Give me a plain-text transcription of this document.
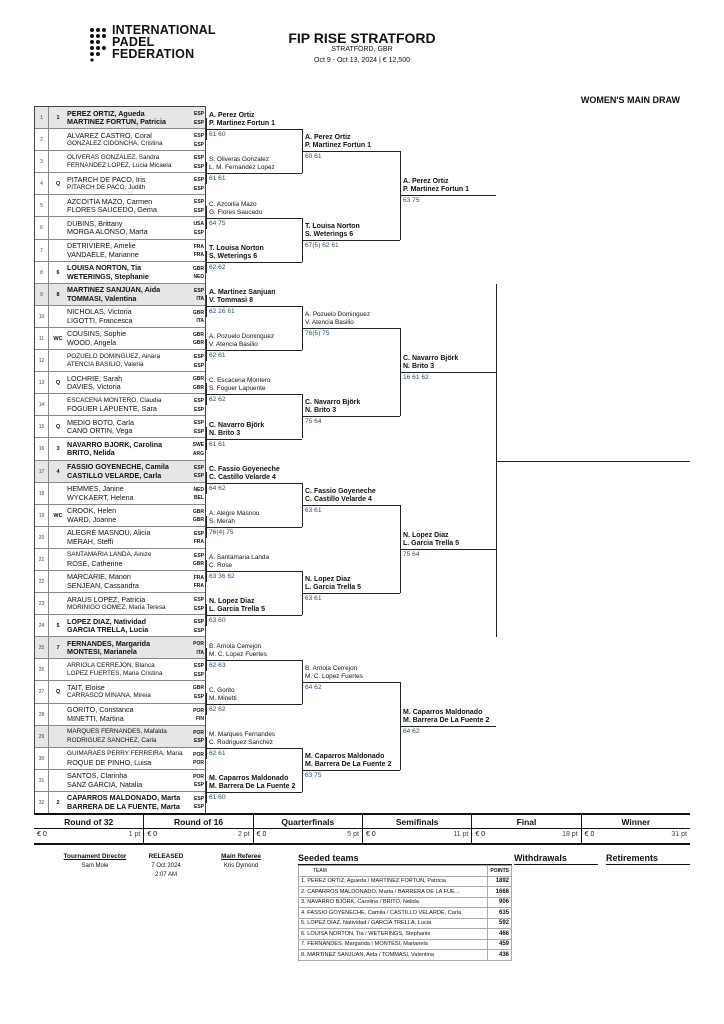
INTERNATIONAL
PADEL
FEDERATION
FIP RISE STRATFORD
STRATFORD, GBR
Oct 9 - Oct 13, 2024 | € 12,500
WOMEN'S MAIN DRAW
1	1
PEREZ ORTIZ, Agueda
MARTINEZ FORTUN, Patricia
ESP
ESP
2
ALVAREZ CASTRO, Coral
GONZALEZ CIDONCHA, Cristina
ESP
ESP
3
OLIVERAS GONZALEZ, Sandra
FERNANDEZ LOPEZ, Lucia Micaela
ESP
ESP
4	Q
PITARCH DE PACO, Iris
PITARCH DE PACO, Judith
ESP
ESP
5
AZCOITIA MAZO, Carmen
FLORES SAUCEDO, Gema
ESP
ESP
6
DUBINS, Brittany
MORGA ALONSO, Marta
USA
ESP
7
DETRIVIERE, Amelie
VANDAELE, Marianne
FRA
FRA
8	6
LOUISA NORTON, Tia
WETERINGS, Stephanie
GBR
NED
9	8
MARTINEZ SANJUAN, Aida
TOMMASI, Valentina
ESP
ITA
10
NICHOLAS, Victoria
LIGOTTI, Francesca
GBR
ITA
11	WC
COUSINS, Sophie
WOOD, Angela
GBR
GBR
12
POZUELO DOMINGUEZ, Ainara
ATENCIA BASILIO, Valeria
ESP
ESP
13	Q
LOCHRIE, Sarah
DAVIES, Victoria
GBR
GBR
14
ESCACENA MONTERO, Claudia
FOGUER LAPUENTE, Sara
ESP
ESP
15	Q
MEDIO BOTO, Carla
CANO ORTIN, Vega
ESP
ESP
16	3
NAVARRO BJÖRK, Carolina
BRITO, Nelida
SWE
ARG
17	4
FASSIO GOYENECHE, Camila
CASTILLO VELARDE, Carla
ESP
ESP
18
HEMMES, Janine
WYCKAERT, Helena
NED
BEL
19	WC
CROOK, Helen
WARD, Joanne
GBR
GBR
20
ALEGRE MASNOU, Alicia
MERAH, Steffi
ESP
FRA
21
SANTAMARIA LANDA, Ainize
ROSE, Catherine
ESP
GBR
22
MARCARIE, Manon
SENJEAN, Cassandra
FRA
FRA
23
ARAUS LOPEZ, Patricia
MORINIGO GOMEZ, Maria Teresa
ESP
ESP
24	5
LOPEZ DIAZ, Natividad
GARCIA TRELLA, Lucia
ESP
ESP
25	7
FERNANDES, Margarida
MONTESI, Marianela
POR
ITA
26
ARRIOLA CERREJON, Blanca
LOPEZ FUERTES, Maria Cristina
ESP
ESP
27	Q
TAIT, Eloise
CARRASCO MIÑANA, Mireia
GBR
ESP
28
GORITO, Constanca
MINETTI, Martina
POR
FIN
29
MARQUES FERNANDES, Mafalda
RODRIGUEZ SANCHEZ, Carla
POR
ESP
30
GUIMARÃES PERRY FERREIRA, Maria
ROQUE DE PINHO, Luisa
POR
POR
31
SANTOS, Clarinha
SANZ GARCIA, Natalia
POR
ESP
32	2
CAPARROS MALDONADO, Marta
BARRERA DE LA FUENTE, Marta
ESP
ESP
A. Perez Ortiz
P. Martinez Fortun 1
61 60
S. Oliveras Gonzalez
L. M. Fernandez Lopez
61 61
C. Azcoitia Mazo
G. Flores Saucedo
64 75
T. Louisa Norton
S. Weterings 6
62 62
A. Martinez Sanjuan
V. Tommasi 8
62 26 61
A. Pozuelo Dominguez
V. Atencia Basilio
62 61
C. Escacena Montero
S. Foguer Lapuente
62 62
C. Navarro Björk
N. Brito 3
61 61
C. Fassio Goyeneche
C. Castillo Velarde 4
64 62
A. Alegre Masnou
S. Merah
76(4) 75
A. Santamaria Landa
C. Rose
63 36 62
N. Lopez Diaz
L. Garcia Trella 5
63 60
B. Arriola Cerrejon
M. C. Lopez Fuertes
62 63
C. Gorito
M. Minetti
62 62
M. Marques Fernandes
C. Rodriguez Sanchez
62 61
M. Caparros Maldonado
M. Barrera De La Fuente 2
61 60
A. Perez Ortiz
P. Martinez Fortun 1
60 61
T. Louisa Norton
S. Weterings 6
67(5) 62 61
A. Pozuelo Dominguez
V. Atencia Basilio
76(5) 75
C. Navarro Björk
N. Brito 3
75 64
C. Fassio Goyeneche
C. Castillo Velarde 4
63 61
N. Lopez Diaz
L. Garcia Trella 5
63 61
B. Arriola Cerrejon
M. C. Lopez Fuertes
64 62
M. Caparros Maldonado
M. Barrera De La Fuente 2
63 75
A. Perez Ortiz
P. Martinez Fortun 1
63 75
C. Navarro Björk
N. Brito 3
16 61 62
N. Lopez Diaz
L. Garcia Trella 5
75 64
M. Caparros Maldonado
M. Barrera De La Fuente 2
64 62
Round of 32
€ 0	1 pt
Round of 16
€ 0	2 pt
Quarterfinals
€ 0	5 pt
Semifinals
€ 0	11 pt
Final
€ 0	18 pt
Winner
€ 0	31 pt
Tournament Director
Sam Mole
RELEASED
7 Oct 2024
2:07 AM
Main Referee
Kris Dymond
Seeded teams
TEAM	POINTS
1. PEREZ ORTIZ, Agueda / MARTINEZ FORTUN, Patricia	1892
2. CAPARROS MALDONADO, Marta / BARRERA DE LA FUE...	1668
3. NAVARRO BJÖRK, Carolina / BRITO, Nelida	906
4. FASSIO GOYENECHE, Camila / CASTILLO VELARDE, Carla	635
5. LOPEZ DIAZ, Natividad / GARCIA TRELLA, Lucia	592
6. LOUISA NORTON, Tia / WETERINGS, Stephanie	466
7. FERNANDES, Margarida / MONTESI, Marianela	459
8. MARTINEZ SANJUAN, Aida / TOMMASI, Valentina	436
Withdrawals	Retirements
